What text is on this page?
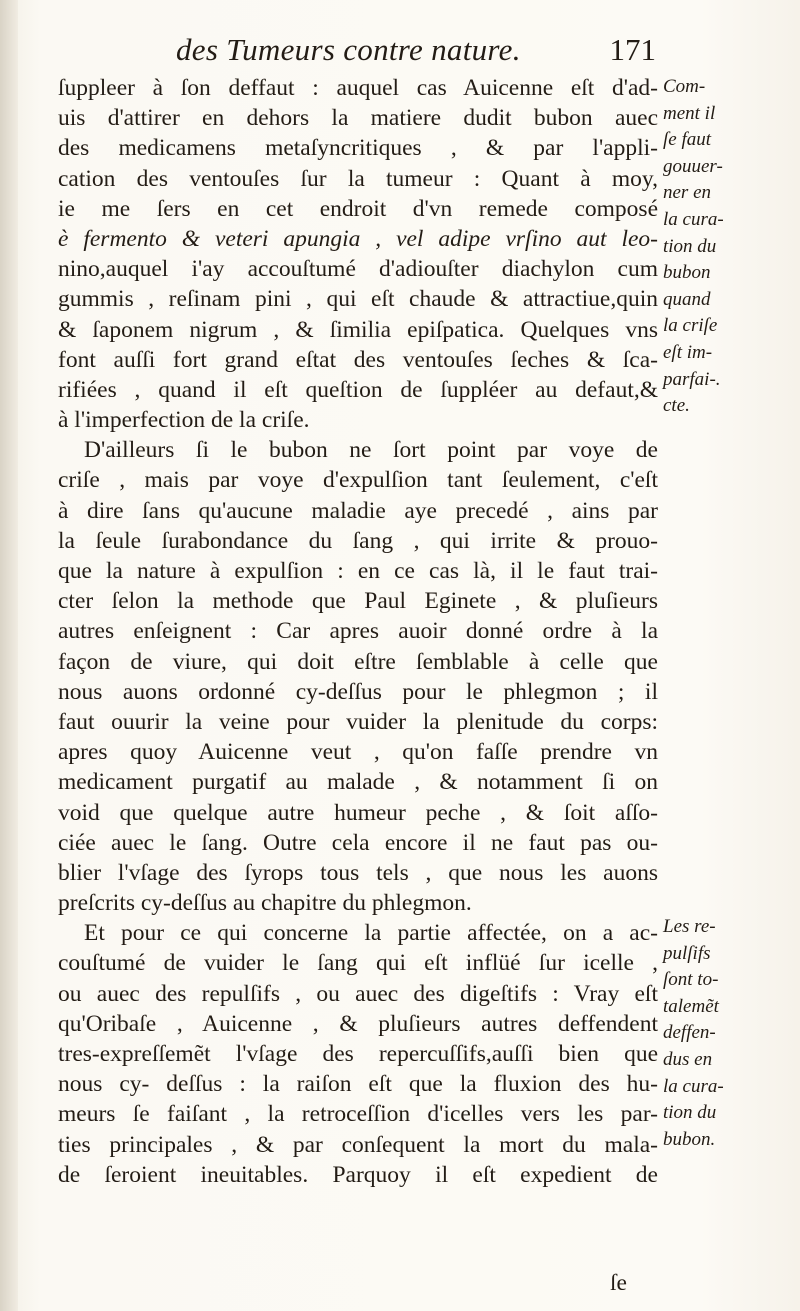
des Tumeurs contre nature.	171
ſuppleer à ſon deffaut : auquel cas Auicenne eſt d'ad-
uis d'attirer en dehors la matiere dudit bubon auec
des medicamens metaſyncritiques , & par l'appli-
cation des ventouſes ſur la tumeur : Quant à moy,
ie me ſers en cet endroit d'vn remede composé
è fermento & veteri apungia , vel adipe vrſino aut leo-
nino,auquel i'ay accouſtumé d'adiouſter diachylon cum
gummis , reſinam pini , qui eſt chaude & attractiue,quin
& ſaponem nigrum , & ſimilia epiſpatica. Quelques vns
font auſſi fort grand eſtat des ventouſes ſeches & ſca-
rifiées , quand il eſt queſtion de ſuppléer au defaut,&
à l'imperfection de la criſe.
D'ailleurs ſi le bubon ne ſort point par voye de
criſe , mais par voye d'expulſion tant ſeulement, c'eſt
à dire ſans qu'aucune maladie aye precedé , ains par
la ſeule ſurabondance du ſang , qui irrite & prouo-
que la nature à expulſion : en ce cas là, il le faut trai-
cter ſelon la methode que Paul Eginete , & pluſieurs
autres enſeignent : Car apres auoir donné ordre à la
façon de viure, qui doit eſtre ſemblable à celle que
nous auons ordonné cy-deſſus pour le phlegmon ; il
faut ouurir la veine pour vuider la plenitude du corps:
apres quoy Auicenne veut , qu'on faſſe prendre vn
medicament purgatif au malade , & notamment ſi on
void que quelque autre humeur peche , & ſoit aſſo-
ciée auec le ſang. Outre cela encore il ne faut pas ou-
blier l'vſage des ſyrops tous tels , que nous les auons
preſcrits cy-deſſus au chapitre du phlegmon.
Et pour ce qui concerne la partie affectée, on a ac-
couſtumé de vuider le ſang qui eſt inflüé ſur icelle ,
ou auec des repulſifs , ou auec des digeſtifs : Vray eſt
qu'Oribaſe , Auicenne , & pluſieurs autres deffendent
tres-expreſſemẽt l'vſage des repercuſſifs,auſſi bien que
nous cy- deſſus : la raiſon eſt que la fluxion des hu-
meurs ſe faiſant , la retroceſſion d'icelles vers les par-
ties principales , & par conſequent la mort du mala-
de ſeroient ineuitables. Parquoy il eſt expedient de
Com-
ment il
ſe faut
gouuer-
ner en
la cura-
tion du
bubon
quand
la criſe
eſt im-
parfai-.
cte.
Les re-
pulſifs
ſont to-
talemẽt
deffen-
dus en
la cura-
tion du
bubon.
ſe
